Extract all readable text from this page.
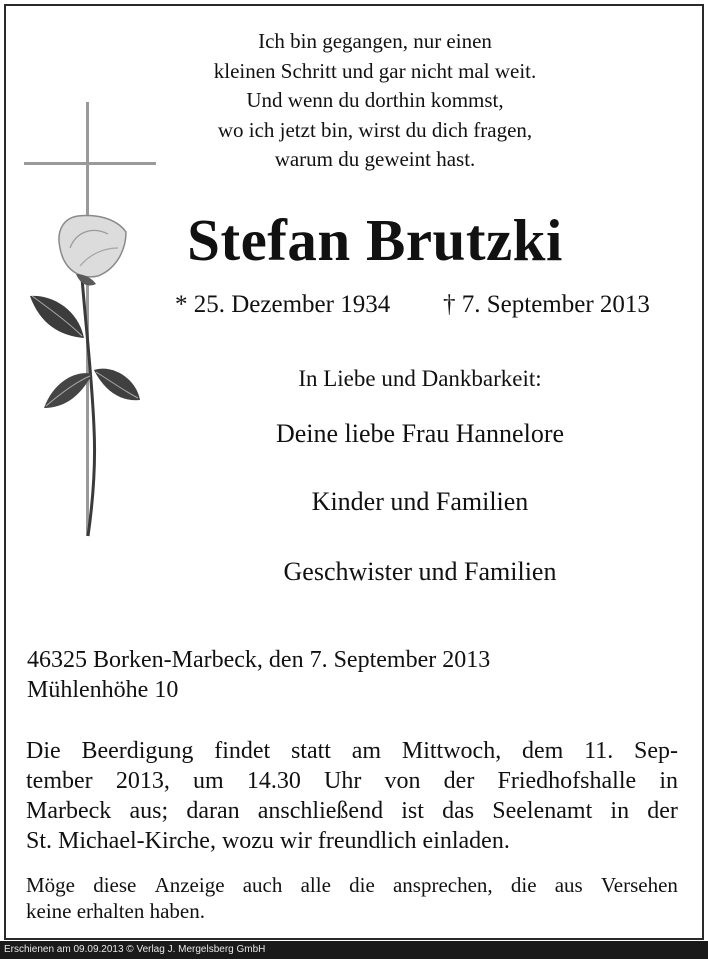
Ich bin gegangen, nur einen
kleinen Schritt und gar nicht mal weit.
Und wenn du dorthin kommst,
wo ich jetzt bin, wirst du dich fragen,
warum du geweint hast.
Stefan Brutzki
* 25. Dezember 1934 † 7. September 2013
In Liebe und Dankbarkeit:
Deine liebe Frau Hannelore
Kinder und Familien
Geschwister und Familien
46325 Borken-Marbeck, den 7. September 2013
Mühlenhöhe 10
Die Beerdigung findet statt am Mittwoch, dem 11. Sep-
tember 2013, um 14.30 Uhr von der Friedhofshalle in
Marbeck aus; daran anschließend ist das Seelenamt in der
St. Michael-Kirche, wozu wir freundlich einladen.
Möge diese Anzeige auch alle die ansprechen, die aus Versehen
keine erhalten haben.
Erschienen am 09.09.2013 © Verlag J. Mergelsberg GmbH
